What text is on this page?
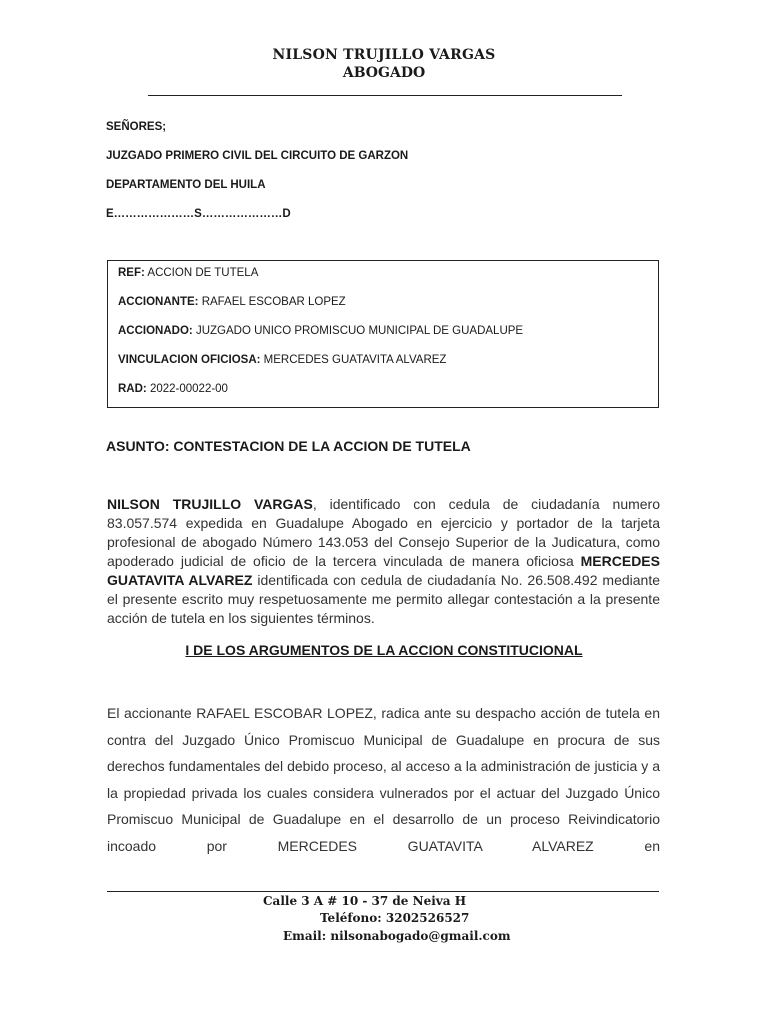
NILSON TRUJILLO VARGAS
ABOGADO
SEÑORES;
JUZGADO PRIMERO CIVIL DEL CIRCUITO DE GARZON
DEPARTAMENTO DEL HUILA
E…………………S…………………D
REF: ACCION DE TUTELA
ACCIONANTE: RAFAEL ESCOBAR LOPEZ
ACCIONADO: JUZGADO UNICO PROMISCUO MUNICIPAL DE GUADALUPE
VINCULACION OFICIOSA: MERCEDES GUATAVITA ALVAREZ
RAD: 2022-00022-00
ASUNTO: CONTESTACION DE LA ACCION DE TUTELA
NILSON TRUJILLO VARGAS, identificado con cedula de ciudadanía numero 83.057.574 expedida en Guadalupe Abogado en ejercicio y portador de la tarjeta profesional de abogado Número 143.053 del Consejo Superior de la Judicatura, como apoderado judicial de oficio de la tercera vinculada de manera oficiosa MERCEDES GUATAVITA ALVAREZ identificada con cedula de ciudadanía No. 26.508.492 mediante el presente escrito muy respetuosamente me permito allegar contestación a la presente acción de tutela en los siguientes términos.
I DE LOS ARGUMENTOS DE LA ACCION CONSTITUCIONAL
El accionante RAFAEL ESCOBAR LOPEZ, radica ante su despacho acción de tutela en contra del Juzgado Único Promiscuo Municipal de Guadalupe en procura de sus derechos fundamentales del debido proceso, al acceso a la administración de justicia y a la propiedad privada los cuales considera vulnerados por el actuar del Juzgado Único Promiscuo Municipal de Guadalupe en el desarrollo de un proceso Reivindicatorio incoado por MERCEDES GUATAVITA ALVAREZ en
Calle 3 A # 10 - 37 de Neiva H
Teléfono: 3202526527
Email: nilsonabogado@gmail.com
